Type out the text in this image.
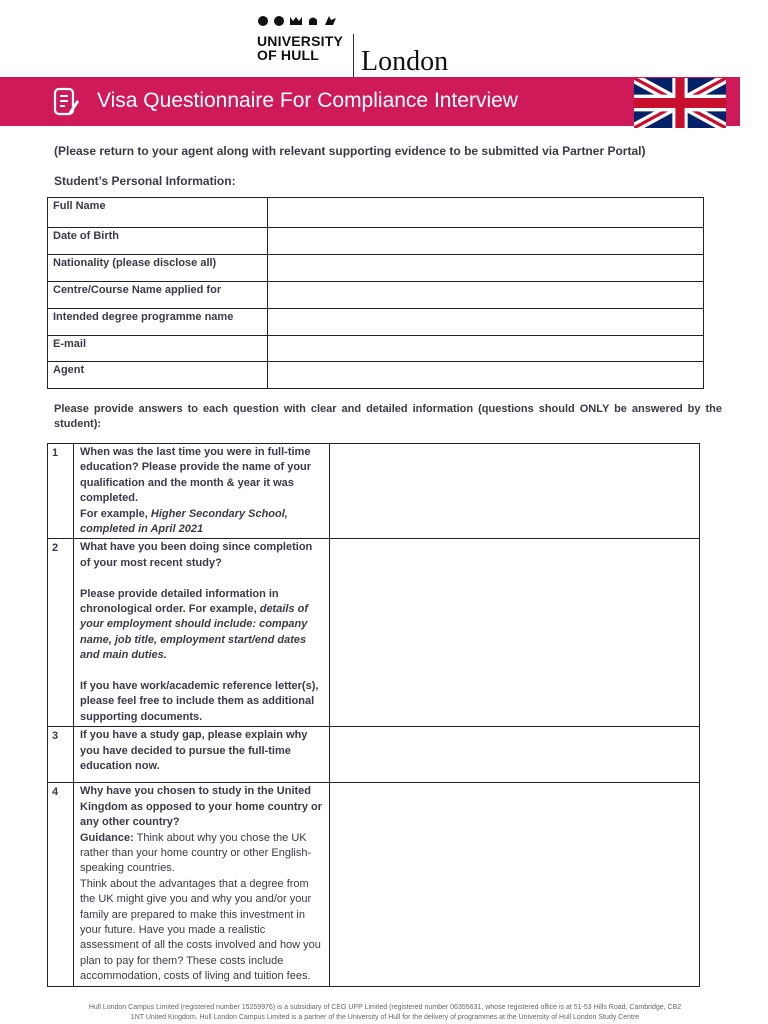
UNIVERSITY
OF HULL	London
Visa Questionnaire For Compliance Interview
(Please return to your agent along with relevant supporting evidence to be submitted via Partner Portal)
Student’s Personal Information:
Full Name	
Date of Birth	
Nationality (please disclose all)	
Centre/Course Name applied for	
Intended degree programme name	
E-mail	
Agent	
Please provide answers to each question with clear and detailed information (questions should ONLY be answered by the student):
1	When was the last time you were in full-time education? Please provide the name of your qualification and the month & year it was completed.
For example, Higher Secondary School, completed in April 2021	

2	What have you been doing since completion of your most recent study?
Please provide detailed information in chronological order. For example, details of your employment should include: company name, job title, employment start/end dates and main duties.
If you have work/academic reference letter(s), please feel free to include them as additional supporting documents.	

3	If you have a study gap, please explain why you have decided to pursue the full-time education now.	

4	Why have you chosen to study in the United Kingdom as opposed to your home country or any other country?
Guidance: Think about why you chose the UK rather than your home country or other English-speaking countries.
Think about the advantages that a degree from the UK might give you and why you and/or your family are prepared to make this investment in your future. Have you made a realistic assessment of all the costs involved and how you plan to pay for them? These costs include accommodation, costs of living and tuition fees.	

Hull London Campus Limited (registered number 15259976) is a subsidiary of CEG UPP Limited (registered number 06355631, whose registered office is at 51-53 Hills Road, Cambridge, CB2
1NT United Kingdom. Hull London Campus Limited is a partner of the University of Hull for the delivery of programmes at the University of Hull London Study Centre
